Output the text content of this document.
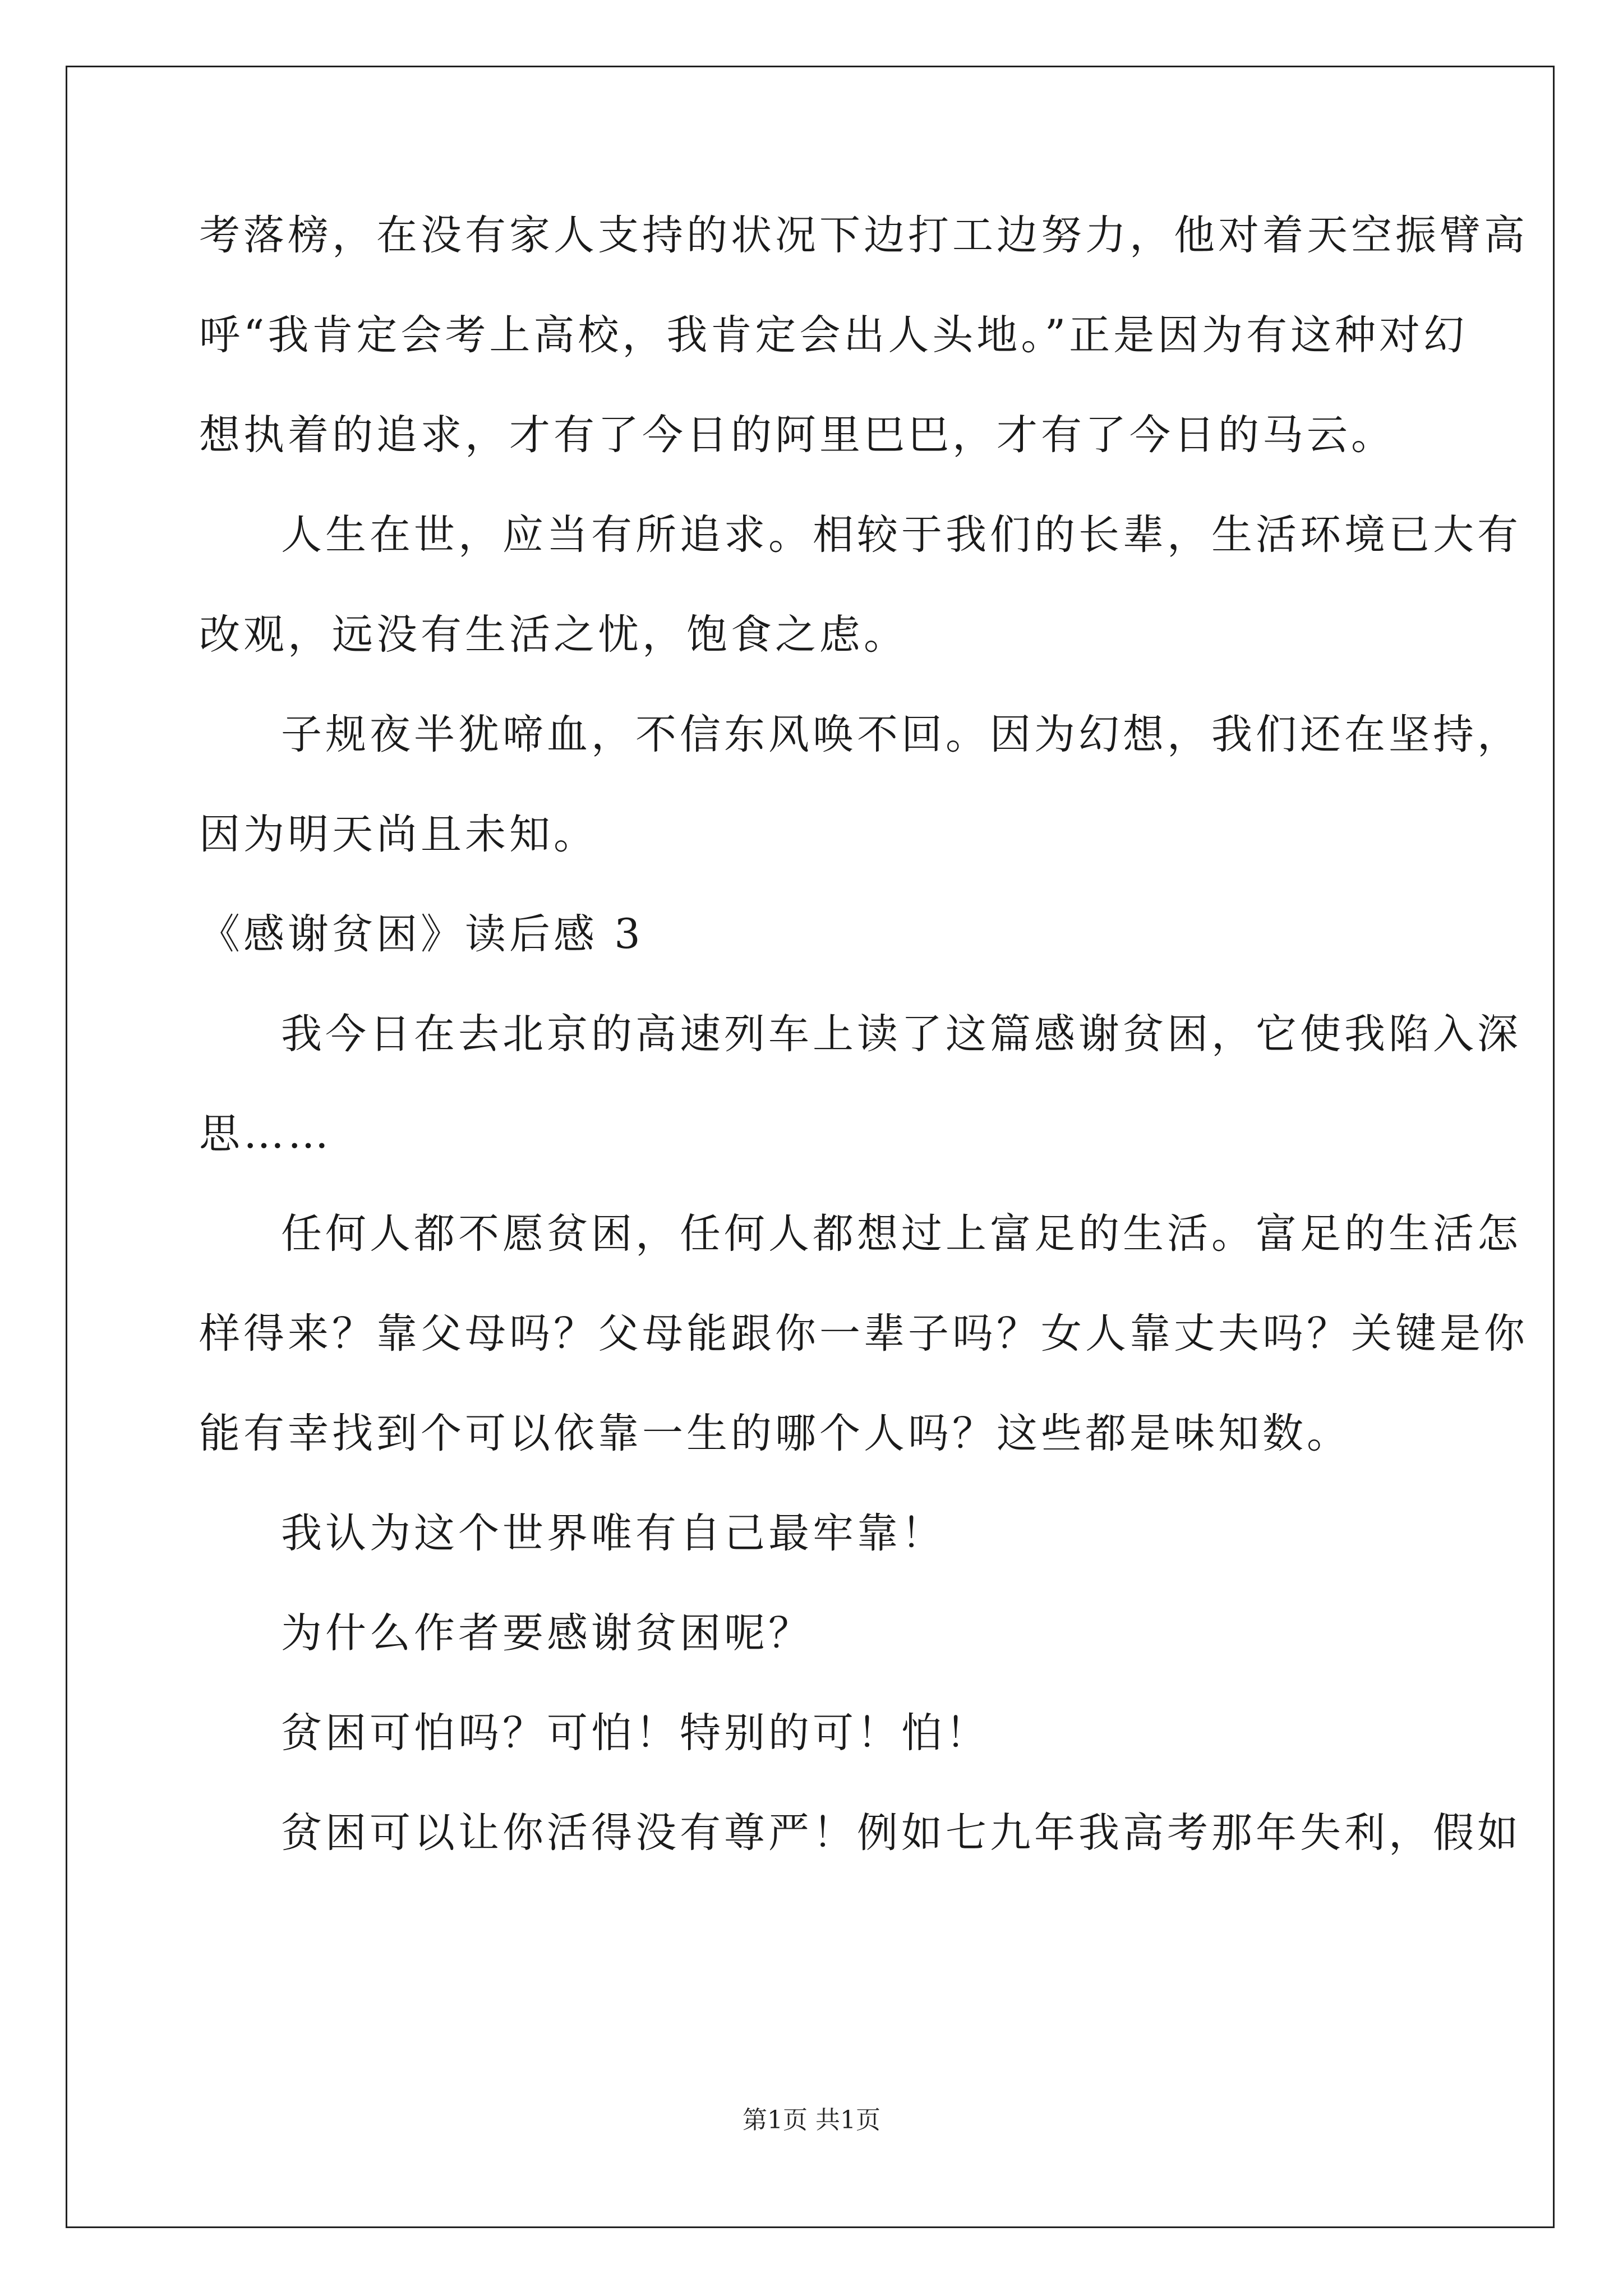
考落榜，在没有家人支持的状况下边打工边努力，他对着天空振臂高
呼“我肯定会考上高校，我肯定会出人头地。”正是因为有这种对幻
想执着的追求，才有了今日的阿里巴巴，才有了今日的马云。
人生在世，应当有所追求。相较于我们的长辈，生活环境已大有
改观，远没有生活之忧，饱食之虑。
子规夜半犹啼血，不信东风唤不回。因为幻想，我们还在坚持，
因为明天尚且未知。
《感谢贫困》读后感 3
我今日在去北京的高速列车上读了这篇感谢贫困，它使我陷入深
思……
任何人都不愿贫困，任何人都想过上富足的生活。富足的生活怎
样得来？靠父母吗？父母能跟你一辈子吗？女人靠丈夫吗？关键是你
能有幸找到个可以依靠一生的哪个人吗？这些都是味知数。
我认为这个世界唯有自己最牢靠！
为什么作者要感谢贫困呢？
贫困可怕吗？可怕！特别的可！怕！
贫困可以让你活得没有尊严！例如七九年我高考那年失利，假如
第1页 共1页
